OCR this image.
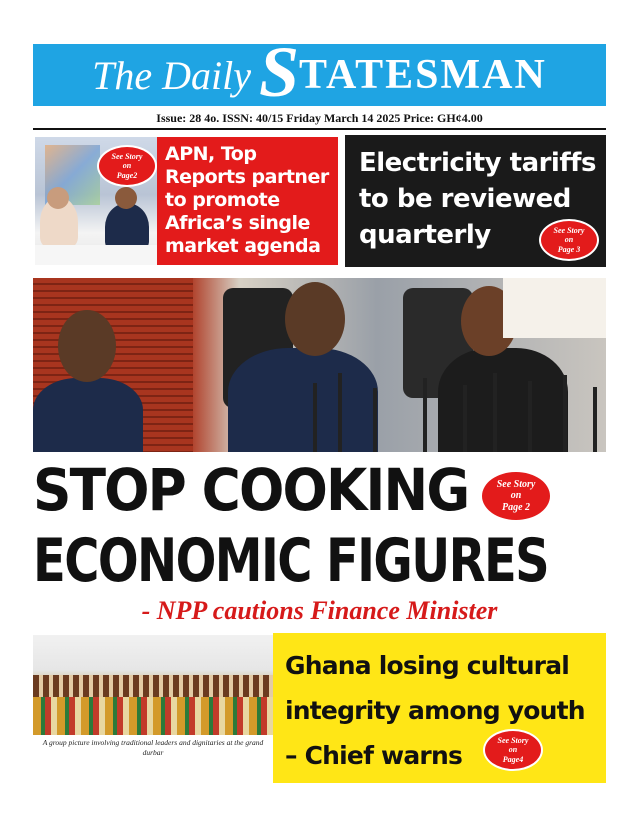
The Daily S TATESMAN
Issue: 28 4o. ISSN: 40/15 Friday March 14 2025 Price: GH¢4.00
See Story
on
Page2
APN, Top Reports partner to promote Africa’s single market agenda
Electricity tariffs to be reviewed quarterly	See Story
on
Page 3
STOP COOKING
ECONOMIC FIGURES
See Story
on
Page 2
- NPP cautions Finance Minister
A group picture involving traditional leaders and dignitaries at the grand durbar
Ghana losing cultural
integrity among youth
– Chief warns
See Story
on
Page4
